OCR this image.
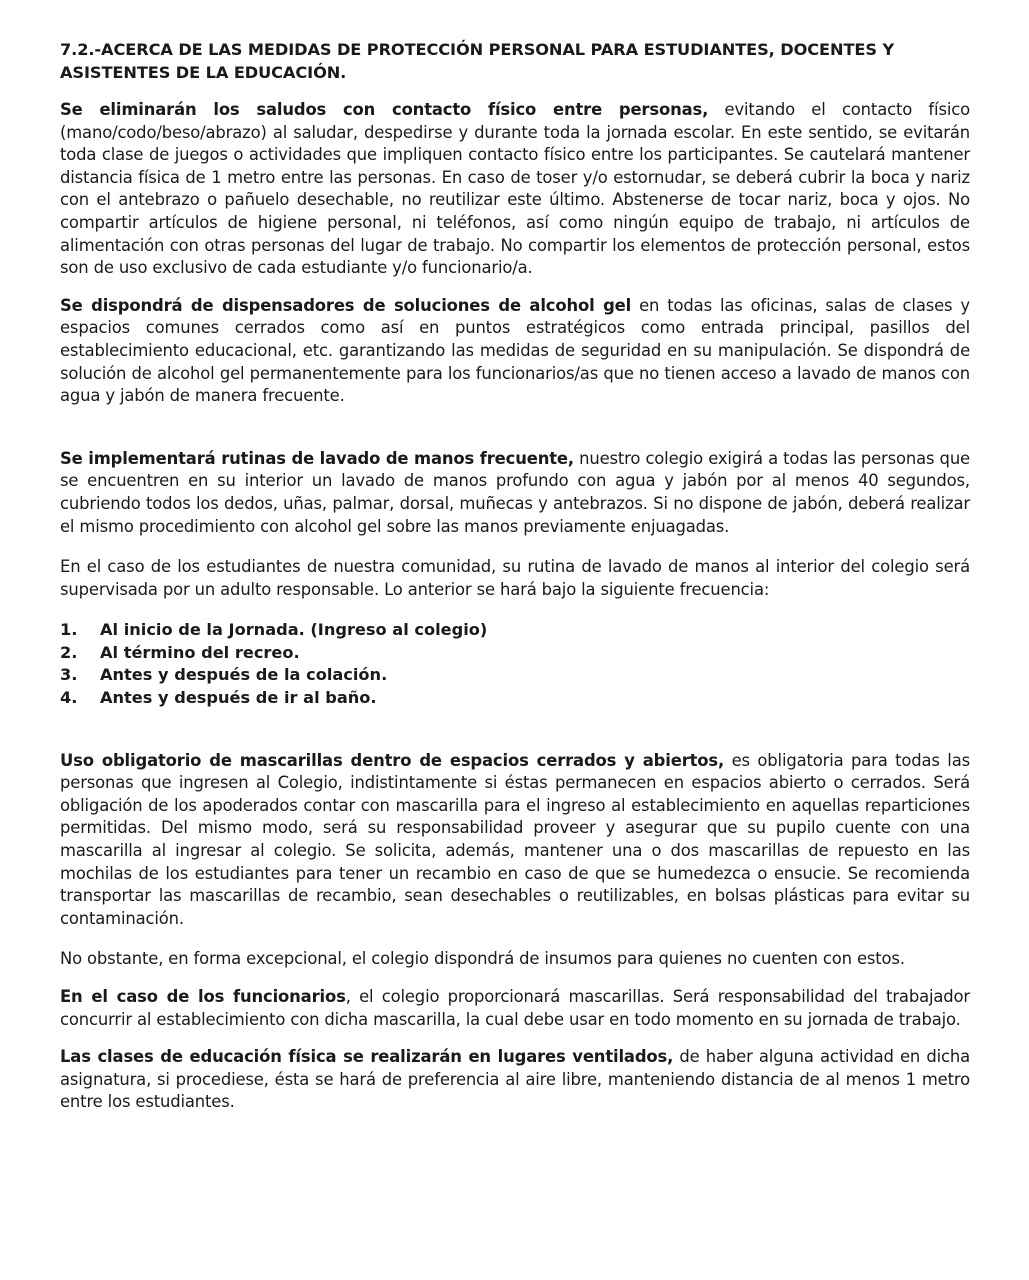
7.2.-ACERCA DE LAS MEDIDAS DE PROTECCIÓN PERSONAL PARA ESTUDIANTES, DOCENTES Y ASISTENTES DE LA EDUCACIÓN.

Se eliminarán los saludos con contacto físico entre personas, evitando el contacto físico (mano/codo/beso/abrazo) al saludar, despedirse y durante toda la jornada escolar. En este sentido, se evitarán toda clase de juegos o actividades que impliquen contacto físico entre los participantes. Se cautelará mantener distancia física de 1 metro entre las personas. En caso de toser y/o estornudar, se deberá cubrir la boca y nariz con el antebrazo o pañuelo desechable, no reutilizar este último. Abstenerse de tocar nariz, boca y ojos. No compartir artículos de higiene personal, ni teléfonos, así como ningún equipo de trabajo, ni artículos de alimentación con otras personas del lugar de trabajo. No compartir los elementos de protección personal, estos son de uso exclusivo de cada estudiante y/o funcionario/a.

Se dispondrá de dispensadores de soluciones de alcohol gel en todas las oficinas, salas de clases y espacios comunes cerrados como así en puntos estratégicos como entrada principal, pasillos del establecimiento educacional, etc. garantizando las medidas de seguridad en su manipulación. Se dispondrá de solución de alcohol gel permanentemente para los funcionarios/as que no tienen acceso a lavado de manos con agua y jabón de manera frecuente.

Se implementará rutinas de lavado de manos frecuente, nuestro colegio exigirá a todas las personas que se encuentren en su interior un lavado de manos profundo con agua y jabón por al menos 40 segundos, cubriendo todos los dedos, uñas, palmar, dorsal, muñecas y antebrazos. Si no dispone de jabón, deberá realizar el mismo procedimiento con alcohol gel sobre las manos previamente enjuagadas.

En el caso de los estudiantes de nuestra comunidad, su rutina de lavado de manos al interior del colegio será supervisada por un adulto responsable. Lo anterior se hará bajo la siguiente frecuencia:

1.	Al inicio de la Jornada. (Ingreso al colegio)
2.	Al término del recreo.
3.	Antes y después de la colación.
4.	Antes y después de ir al baño.

Uso obligatorio de mascarillas dentro de espacios cerrados y abiertos, es obligatoria para todas las personas que ingresen al Colegio, indistintamente si éstas permanecen en espacios abierto o cerrados. Será obligación de los apoderados contar con mascarilla para el ingreso al establecimiento en aquellas reparticiones permitidas. Del mismo modo, será su responsabilidad proveer y asegurar que su pupilo cuente con una mascarilla al ingresar al colegio. Se solicita, además, mantener una o dos mascarillas de repuesto en las mochilas de los estudiantes para tener un recambio en caso de que se humedezca o ensucie. Se recomienda transportar las mascarillas de recambio, sean desechables o reutilizables, en bolsas plásticas para evitar su contaminación.

No obstante, en forma excepcional, el colegio dispondrá de insumos para quienes no cuenten con estos.

En el caso de los funcionarios, el colegio proporcionará mascarillas. Será responsabilidad del trabajador concurrir al establecimiento con dicha mascarilla, la cual debe usar en todo momento en su jornada de trabajo.

Las clases de educación física se realizarán en lugares ventilados, de haber alguna actividad en dicha asignatura, si procediese, ésta se hará de preferencia al aire libre, manteniendo distancia de al menos 1 metro entre los estudiantes.
